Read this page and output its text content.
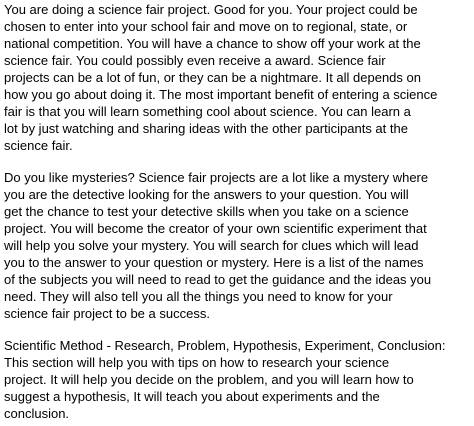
You are doing a science fair project. Good for you. Your project could be
chosen to enter into your school fair and move on to regional, state, or
national competition. You will have a chance to show off your work at the
science fair. You could possibly even receive a award. Science fair
projects can be a lot of fun, or they can be a nightmare. It all depends on
how you go about doing it. The most important benefit of entering a science
fair is that you will learn something cool about science. You can learn a
lot by just watching and sharing ideas with the other participants at the
science fair.

Do you like mysteries? Science fair projects are a lot like a mystery where
you are the detective looking for the answers to your question. You will
get the chance to test your detective skills when you take on a science
project. You will become the creator of your own scientific experiment that
will help you solve your mystery. You will search for clues which will lead
you to the answer to your question or mystery. Here is a list of the names
of the subjects you will need to read to get the guidance and the ideas you
need. They will also tell you all the things you need to know for your
science fair project to be a success.

Scientific Method - Research, Problem, Hypothesis, Experiment, Conclusion:
This section will help you with tips on how to research your science
project. It will help you decide on the problem, and you will learn how to
suggest a hypothesis, It will teach you about experiments and the
conclusion.
